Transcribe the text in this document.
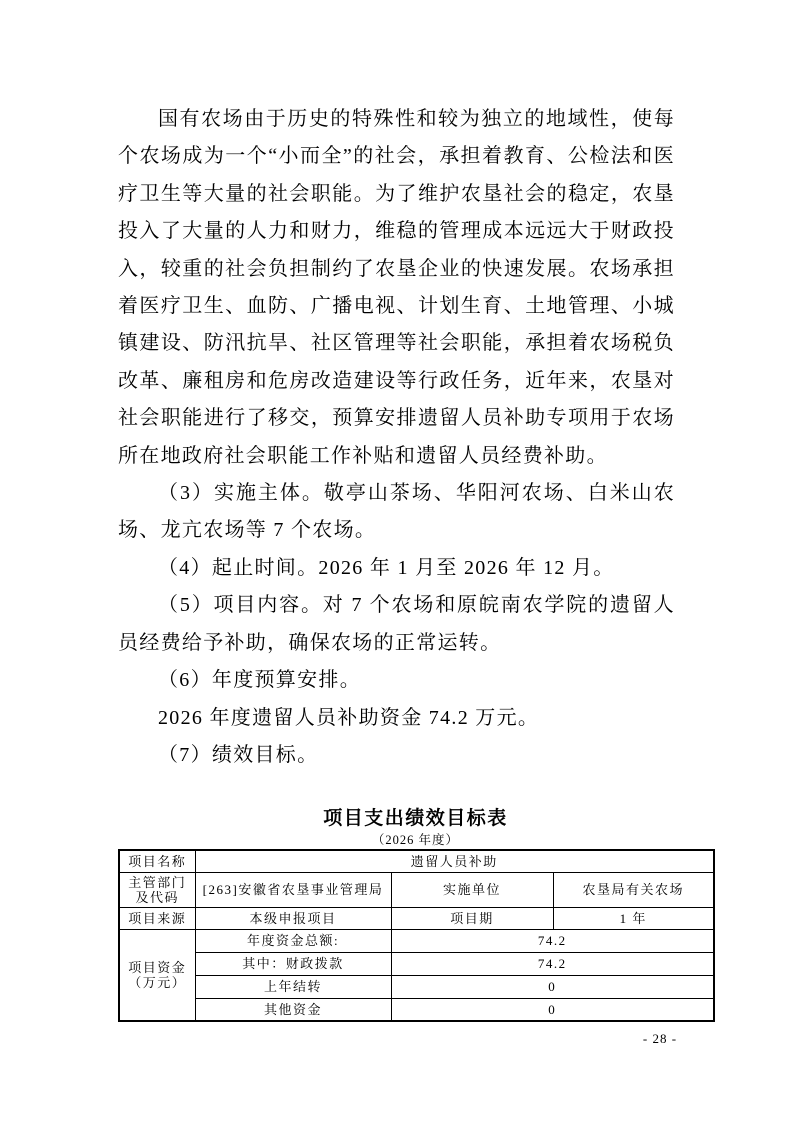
国有农场由于历史的特殊性和较为独立的地域性，使每个农场成为一个“小而全”的社会，承担着教育、公检法和医疗卫生等大量的社会职能。为了维护农垦社会的稳定，农垦投入了大量的人力和财力，维稳的管理成本远远大于财政投入，较重的社会负担制约了农垦企业的快速发展。农场承担着医疗卫生、血防、广播电视、计划生育、土地管理、小城镇建设、防汛抗旱、社区管理等社会职能，承担着农场税负改革、廉租房和危房改造建设等行政任务，近年来，农垦对社会职能进行了移交，预算安排遗留人员补助专项用于农场所在地政府社会职能工作补贴和遗留人员经费补助。

（3）实施主体。敬亭山茶场、华阳河农场、白米山农场、龙亢农场等 7 个农场。

（4）起止时间。2026 年 1 月至 2026 年 12 月。

（5）项目内容。对 7 个农场和原皖南农学院的遗留人员经费给予补助，确保农场的正常运转。

（6）年度预算安排。

2026 年度遗留人员补助资金 74.2 万元。

（7）绩效目标。

项目支出绩效目标表
（2026 年度）
项目名称	遗留人员补助		
主管部门
及代码	[263]安徽省农垦事业管理局	实施单位	农垦局有关农场
项目来源	本级申报项目	项目期	1 年
项目资金
（万元）	年度资金总额:	74.2	
	其中：财政拨款	74.2	
	上年结转	0	
	其他资金	0	
- 28 -
